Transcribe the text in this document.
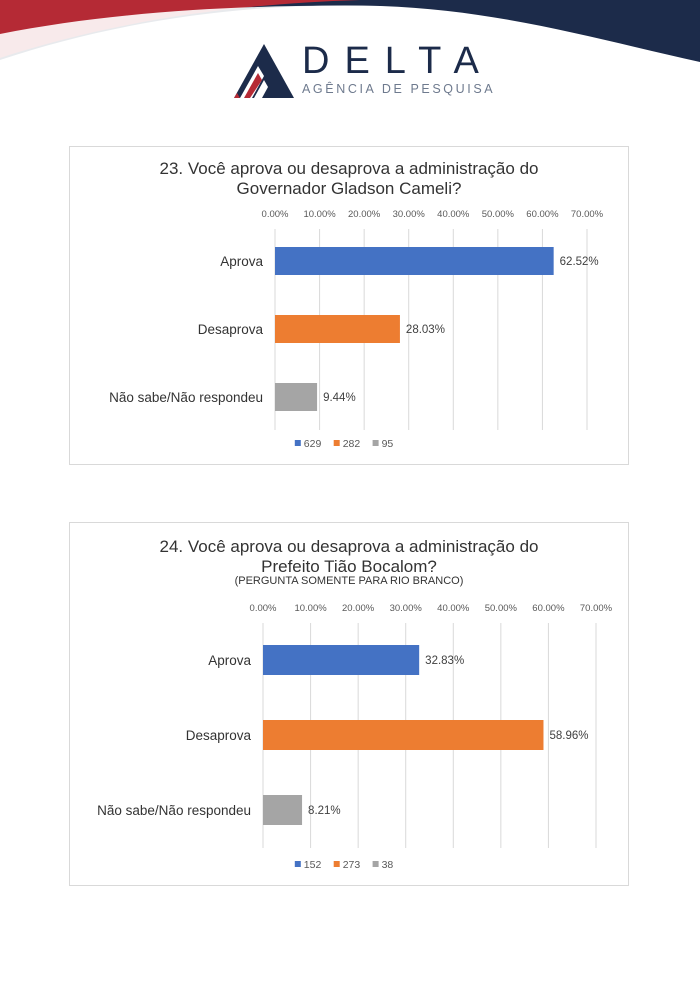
DELTA
AGÊNCIA DE PESQUISA
23. Você aprova ou desaprova a administração do
Governador Gladson Cameli?
0.00% 10.00% 20.00% 30.00% 40.00% 50.00% 60.00% 70.00%
Aprova	62.52%
Desaprova	28.03%
Não sabe/Não respondeu	9.44%
629 282 95
24. Você aprova ou desaprova a administração do
Prefeito Tião Bocalom?
(PERGUNTA SOMENTE PARA RIO BRANCO)
0.00% 10.00% 20.00% 30.00% 40.00% 50.00% 60.00% 70.00%
Aprova	32.83%
Desaprova	58.96%
Não sabe/Não respondeu	8.21%
152 273 38
